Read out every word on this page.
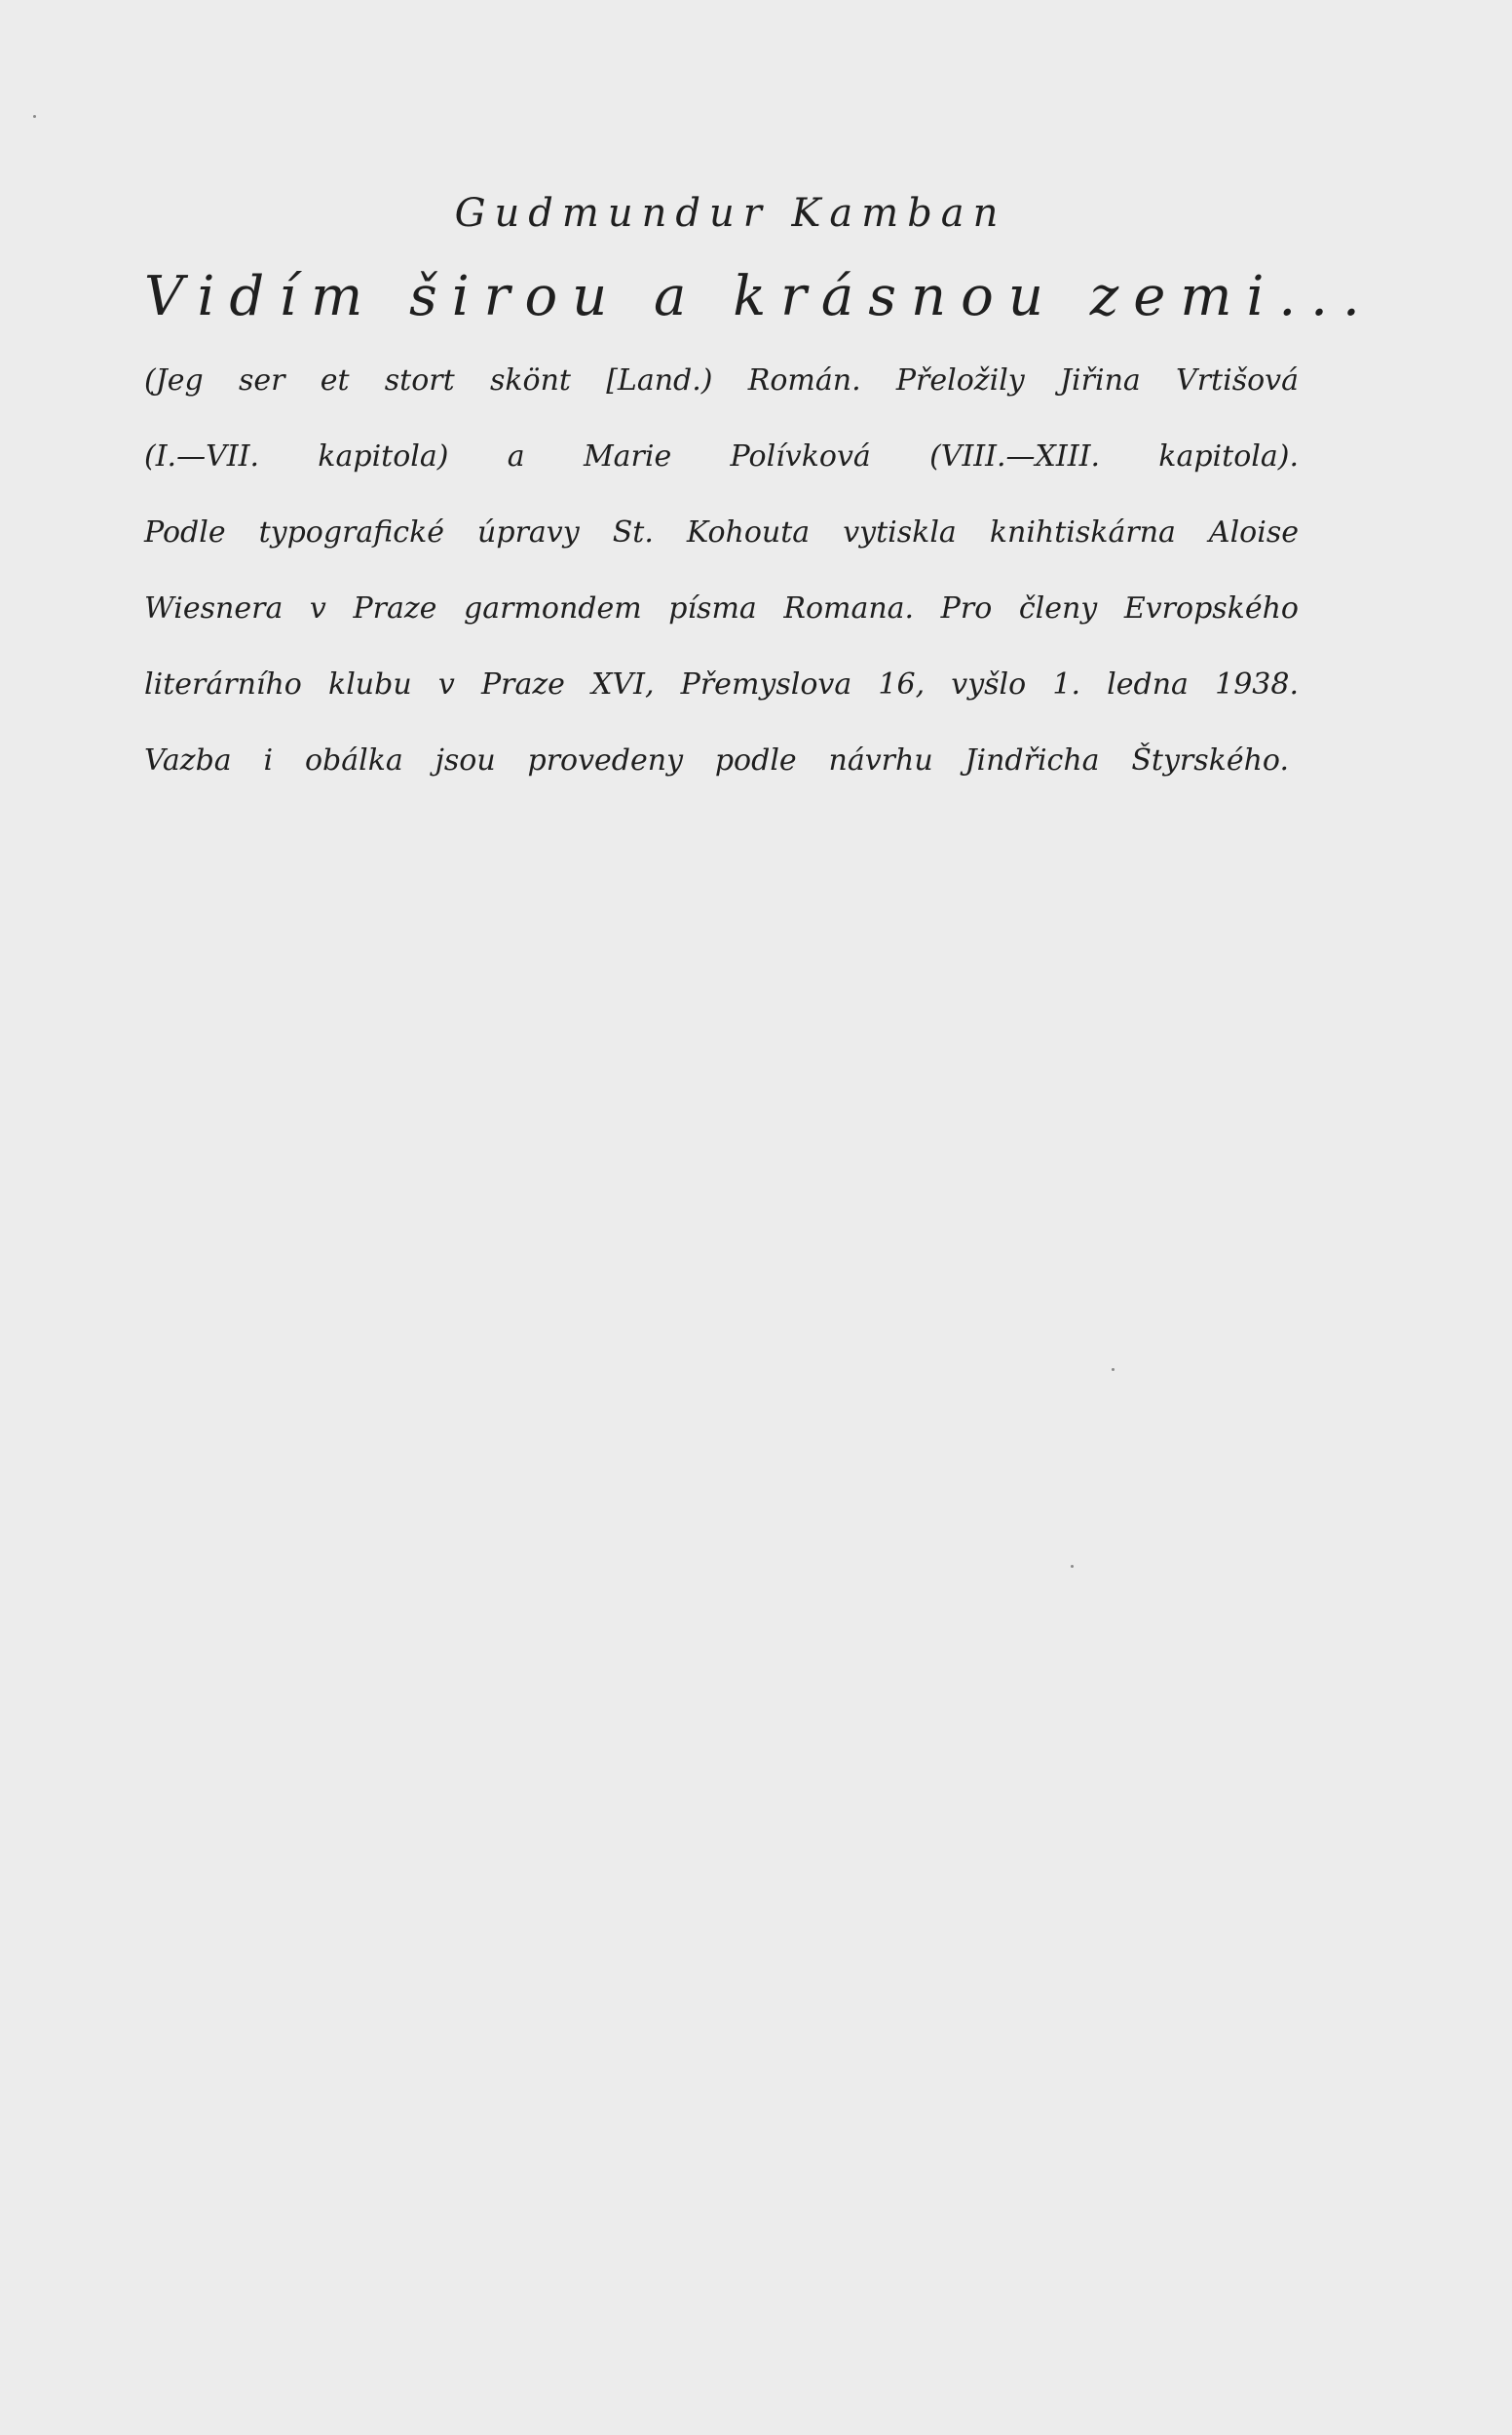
Gudmundur Kamban
Vidím širou a krásnou zemi...
(Jeg ser et stort skönt [Land.) Román. Přeložily Jiřina Vrtišová
(I.—VII. kapitola) a Marie Polívková (VIII.—XIII. kapitola).
Podle typografické úpravy St. Kohouta vytiskla knihtiskárna Aloise
Wiesnera v Praze garmondem písma Romana. Pro členy Evropského
literárního klubu v Praze XVI, Přemyslova 16, vyšlo 1. ledna 1938.
Vazba i obálka jsou provedeny podle návrhu Jindřicha Štyrského.
